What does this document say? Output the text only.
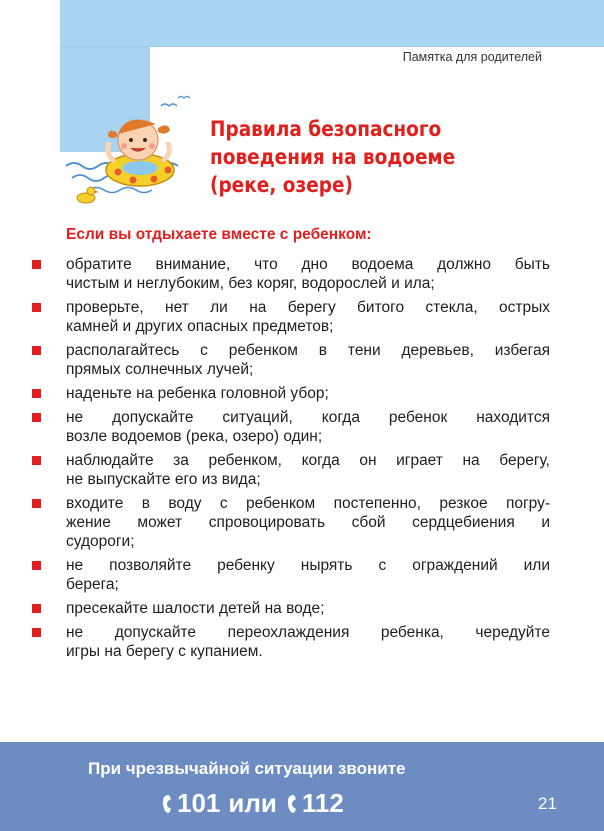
Памятка для родителей
Правила безопасного
поведения на водоеме
(реке, озере)
Если вы отдыхаете вместе с ребенком:
обратите внимание, что дно водоема должно быть
чистым и неглубоким, без коряг, водорослей и ила;
проверьте, нет ли на берегу битого стекла, острых
камней и других опасных предметов;
располагайтесь с ребенком в тени деревьев, избегая
прямых солнечных лучей;
наденьте на ребенка головной убор;
не допускайте ситуаций, когда ребенок находится
возле водоемов (река, озеро) один;
наблюдайте за ребенком, когда он играет на берегу,
не выпускайте его из вида;
входите в воду с ребенком постепенно, резкое погру-
жение может спровоцировать сбой сердцебиения и
судороги;
не позволяйте ребенку нырять с ограждений или
берега;
пресекайте шалости детей на воде;
не допускайте переохлаждения ребенка, чередуйте
игры на берегу с купанием.
При чрезвычайной ситуации звоните
101 или 112	21
